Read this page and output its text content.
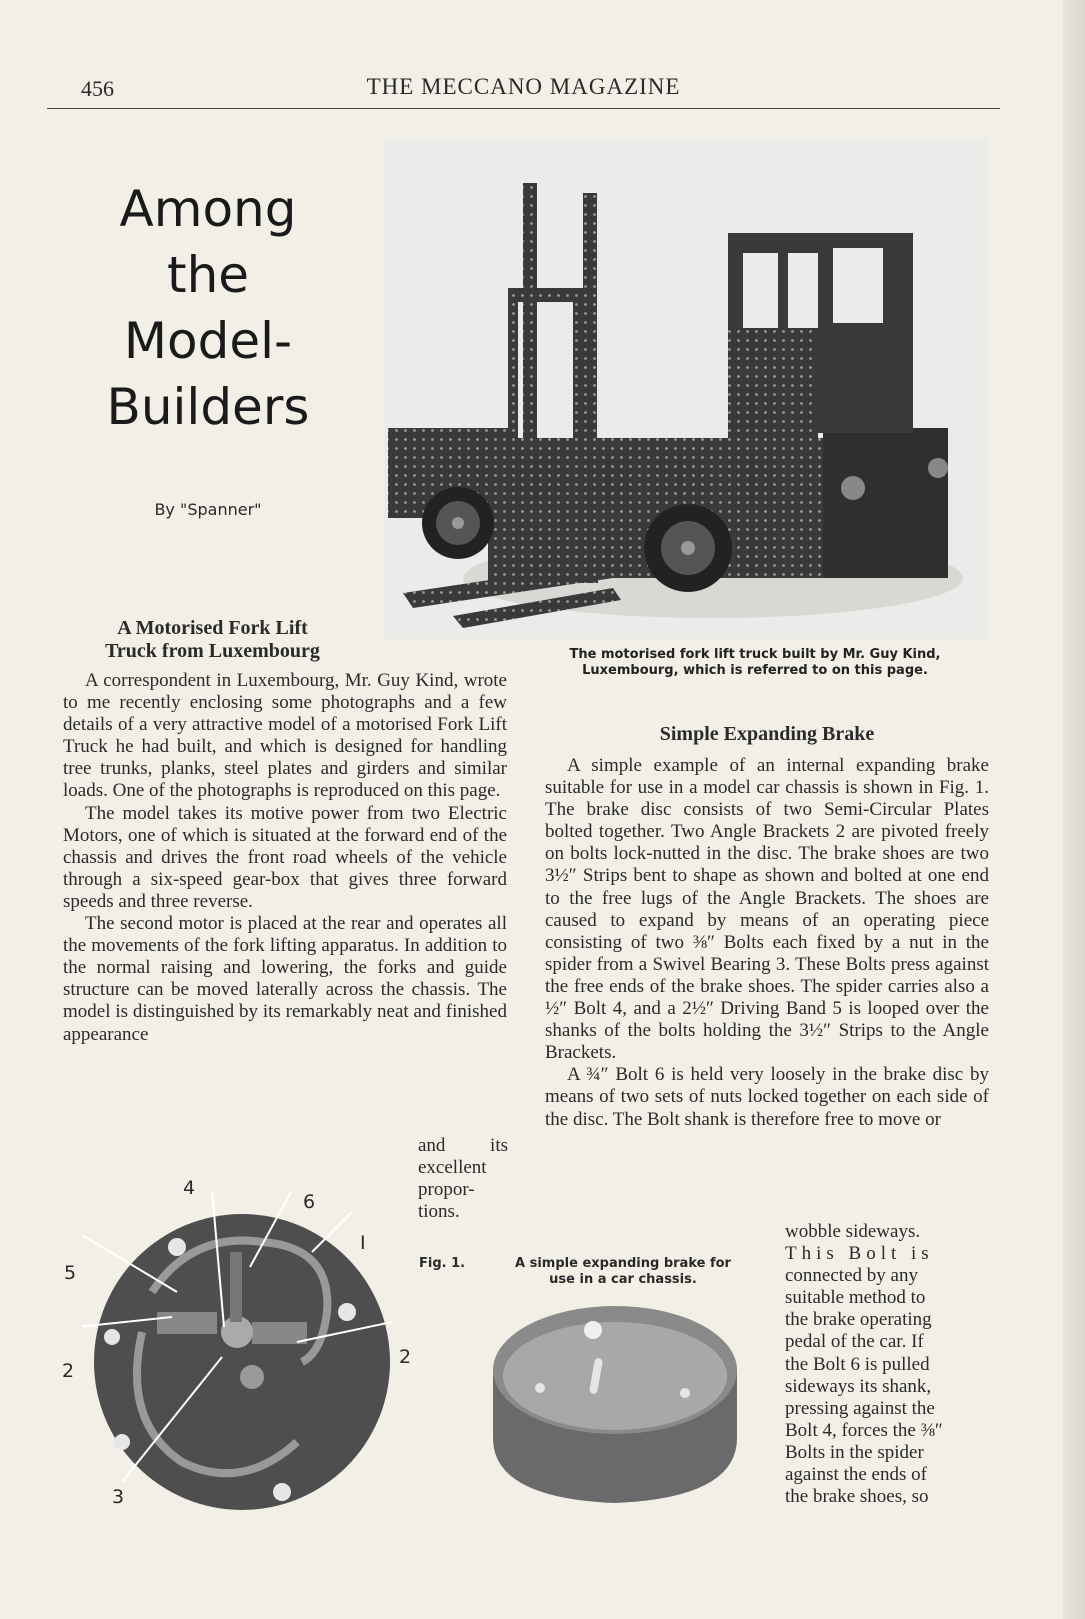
456	THE MECCANO MAGAZINE
Among
the
Model-
Builders
By "Spanner"
The motorised fork lift truck built by Mr. Guy Kind,
Luxembourg, which is referred to on this page.
A Motorised Fork Lift
Truck from Luxembourg

A correspondent in Luxembourg, Mr. Guy Kind, wrote to me recently enclosing some photographs and a few details of a very attractive model of a motorised Fork Lift Truck he had built, and which is designed for handling tree trunks, planks, steel plates and girders and similar loads. One of the photographs is reproduced on this page.

The model takes its motive power from two Electric Motors, one of which is situated at the forward end of the chassis and drives the front road wheels of the vehicle through a six-speed gear-box that gives three forward speeds and three reverse.

The second motor is placed at the rear and operates all the movements of the fork lifting apparatus. In addition to the normal raising and lowering, the forks and guide structure can be moved laterally across the chassis. The model is distinguished by its remarkably neat and finished appearance

and its
excellent
propor-
tions.
Simple Expanding Brake

A simple example of an internal expanding brake suitable for use in a model car chassis is shown in Fig. 1. The brake disc consists of two Semi-Circular Plates bolted together. Two Angle Brackets 2 are pivoted freely on bolts lock-nutted in the disc. The brake shoes are two 3½″ Strips bent to shape as shown and bolted at one end to the free lugs of the Angle Brackets. The shoes are caused to expand by means of an operating piece consisting of two ⅜″ Bolts each fixed by a nut in the spider from a Swivel Bearing 3. These Bolts press against the free ends of the brake shoes. The spider carries also a ½″ Bolt 4, and a 2½″ Driving Band 5 is looped over the shanks of the bolts holding the 3½″ Strips to the Angle Brackets.

A ¾″ Bolt 6 is held very loosely in the brake disc by means of two sets of nuts locked together on each side of the disc. The Bolt shank is therefore free to move or

wobble sideways.
This Bolt is
connected by any
suitable method to
the brake operating
pedal of the car. If
the Bolt 6 is pulled
sideways its shank,
pressing against the
Bolt 4, forces the ⅜″
Bolts in the spider
against the ends of
the brake shoes, so
Fig. 1.	A simple expanding brake for
use in a car chassis.
4
6
I
5
2
2
3
